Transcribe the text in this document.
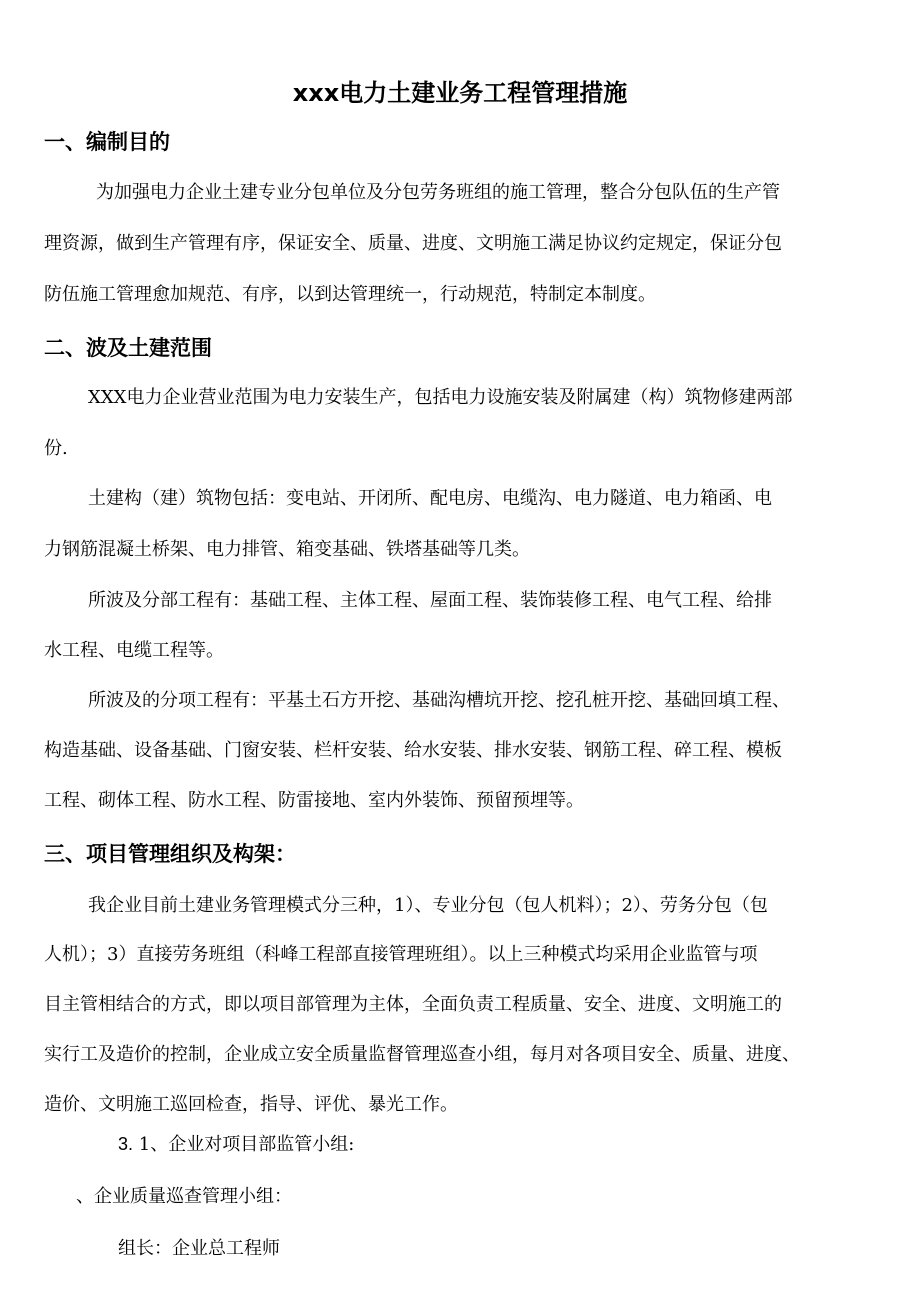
xxx电力土建业务工程管理措施
一、编制目的
为加强电力企业土建专业分包单位及分包劳务班组的施工管理，整合分包队伍的生产管
理资源，做到生产管理有序，保证安全、质量、进度、文明施工满足协议约定规定，保证分包
防伍施工管理愈加规范、有序，以到达管理统一，行动规范，特制定本制度。
二、波及土建范围
XXX电力企业营业范围为电力安装生产，包括电力设施安装及附属建（构）筑物修建两部
份.
土建构（建）筑物包括：变电站、开闭所、配电房、电缆沟、电力隧道、电力箱函、电
力钢筋混凝土桥架、电力排管、箱变基础、铁塔基础等几类。
所波及分部工程有：基础工程、主体工程、屋面工程、装饰装修工程、电气工程、给排
水工程、电缆工程等。
所波及的分项工程有：平基土石方开挖、基础沟槽坑开挖、挖孔桩开挖、基础回填工程、
构造基础、设备基础、门窗安装、栏杆安装、给水安装、排水安装、钢筋工程、碎工程、模板
工程、砌体工程、防水工程、防雷接地、室内外装饰、预留预埋等。
三、项目管理组织及构架：
我企业目前土建业务管理模式分三种，1）、专业分包（包人机料）；2）、劳务分包（包
人机）；3）直接劳务班组（科峰工程部直接管理班组）。以上三种模式均采用企业监管与项
目主管相结合的方式，即以项目部管理为主体，全面负责工程质量、安全、进度、文明施工的
实行工及造价的控制，企业成立安全质量监督管理巡查小组，每月对各项目安全、质量、进度、
造价、文明施工巡回检查，指导、评优、暴光工作。
3. 1、企业对项目部监管小组:
、企业质量巡查管理小组：
组长：企业总工程师
